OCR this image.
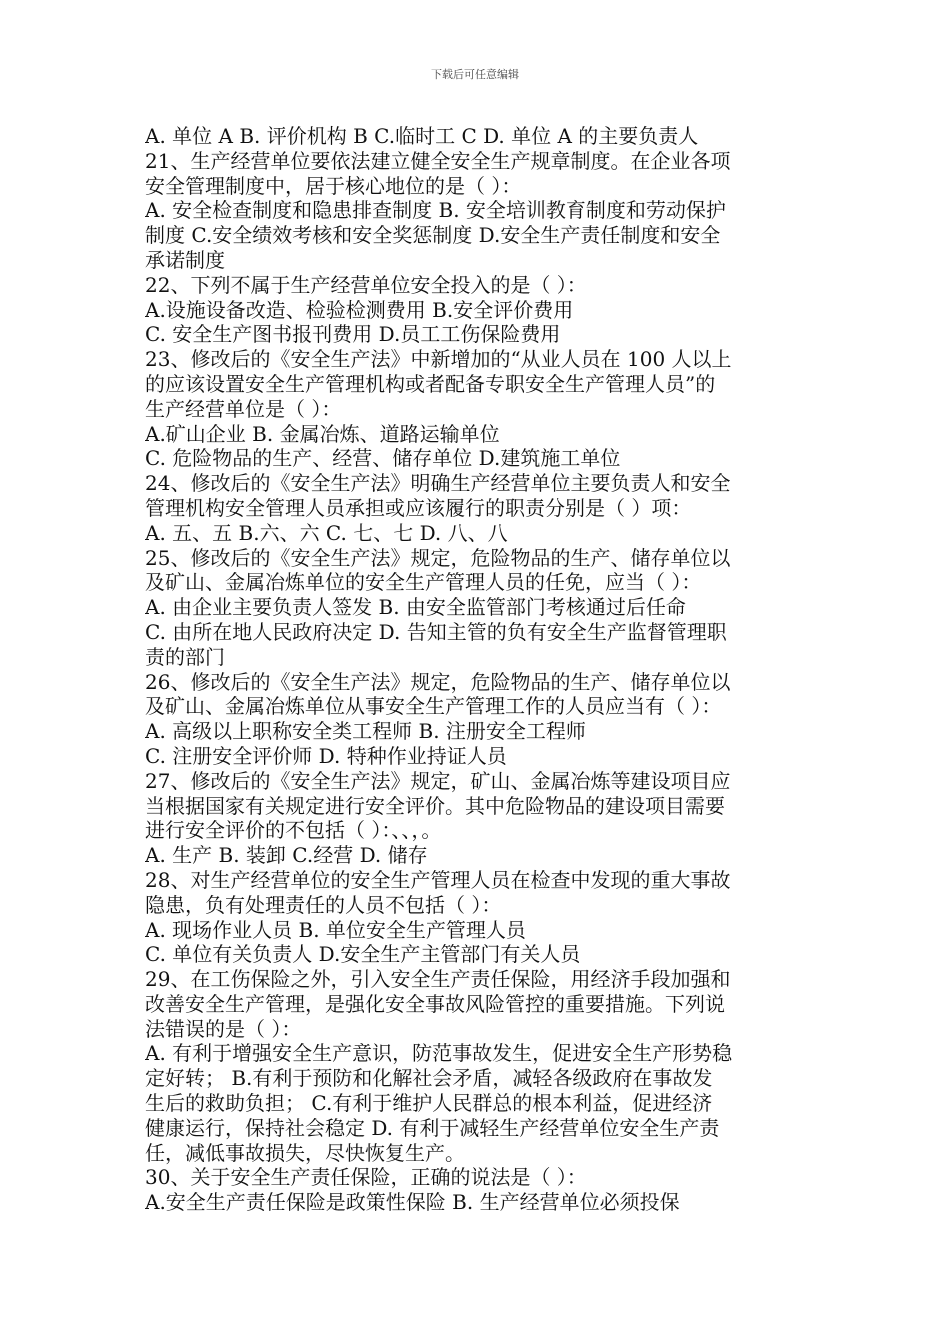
下载后可任意编辑
A. 单位 A B. 评价机构 B C.临时工 C D. 单位 A 的主要负责人
21、生产经营单位要依法建立健全安全生产规章制度。在企业各项
安全管理制度中，居于核心地位的是（ ）：
A. 安全检查制度和隐患排查制度 B. 安全培训教育制度和劳动保护
制度 C.安全绩效考核和安全奖惩制度 D.安全生产责任制度和安全
承诺制度
22、下列不属于生产经营单位安全投入的是（ ）：
A.设施设备改造、检验检测费用 B.安全评价费用
C. 安全生产图书报刊费用 D.员工工伤保险费用
23、修改后的《安全生产法》中新增加的“从业人员在 100 人以上
的应该设置安全生产管理机构或者配备专职安全生产管理人员”的
生产经营单位是（ ）：
A.矿山企业 B. 金属冶炼、道路运输单位
C. 危险物品的生产、经营、储存单位 D.建筑施工单位
24、修改后的《安全生产法》明确生产经营单位主要负责人和安全
管理机构安全管理人员承担或应该履行的职责分别是（ ）项：
A. 五、五 B.六、六 C. 七、七 D. 八、八
25、修改后的《安全生产法》规定，危险物品的生产、储存单位以
及矿山、金属冶炼单位的安全生产管理人员的任免，应当（ ）：
A. 由企业主要负责人签发 B. 由安全监管部门考核通过后任命
C. 由所在地人民政府决定 D. 告知主管的负有安全生产监督管理职
责的部门
26、修改后的《安全生产法》规定，危险物品的生产、储存单位以
及矿山、金属冶炼单位从事安全生产管理工作的人员应当有（ ）：
A. 高级以上职称安全类工程师 B. 注册安全工程师
C. 注册安全评价师 D. 特种作业持证人员
27、修改后的《安全生产法》规定，矿山、金属冶炼等建设项目应
当根据国家有关规定进行安全评价。其中危险物品的建设项目需要
进行安全评价的不包括（ ）：、、，。
A. 生产 B. 装卸 C.经营 D. 储存
28、对生产经营单位的安全生产管理人员在检查中发现的重大事故
隐患，负有处理责任的人员不包括（ ）：
A. 现场作业人员 B. 单位安全生产管理人员
C. 单位有关负责人 D.安全生产主管部门有关人员
29、在工伤保险之外，引入安全生产责任保险，用经济手段加强和
改善安全生产管理，是强化安全事故风险管控的重要措施。下列说
法错误的是（ ）：
A. 有利于增强安全生产意识，防范事故发生，促进安全生产形势稳
定好转； B.有利于预防和化解社会矛盾，减轻各级政府在事故发
生后的救助负担； C.有利于维护人民群总的根本利益，促进经济
健康运行，保持社会稳定 D. 有利于减轻生产经营单位安全生产责
任，减低事故损失，尽快恢复生产。
30、关于安全生产责任保险，正确的说法是（ ）：
A.安全生产责任保险是政策性保险 B. 生产经营单位必须投保
